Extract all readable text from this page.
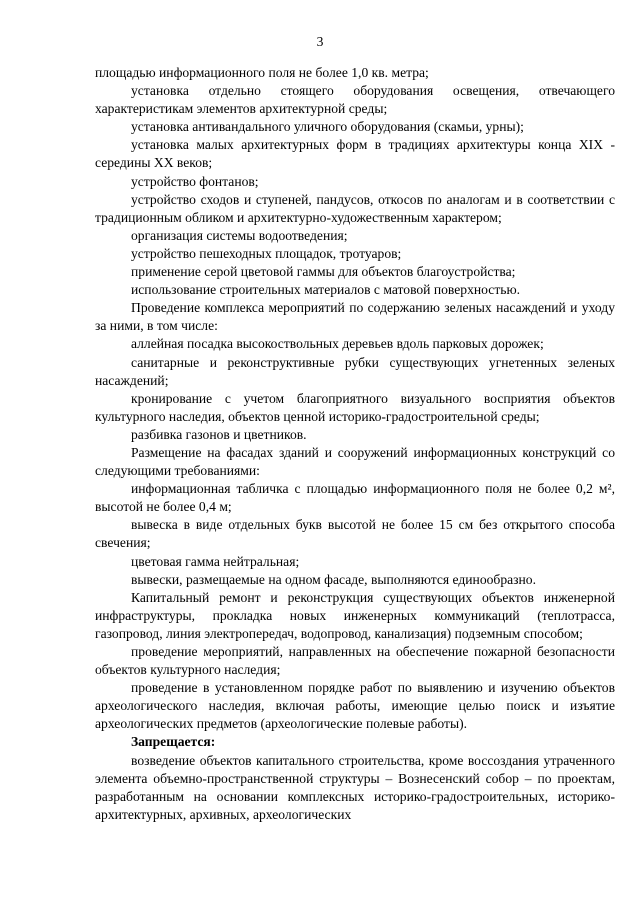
3

площадью информационного поля не более 1,0 кв. метра;

установка отдельно стоящего оборудования освещения, отвечающего характеристикам элементов архитектурной среды;

установка антивандального уличного оборудования (скамьи, урны);

установка малых архитектурных форм в традициях архитектуры конца XIX - середины XX веков;

устройство фонтанов;

устройство сходов и ступеней, пандусов, откосов по аналогам и в соответствии с традиционным обликом и архитектурно-художественным характером;

организация системы водоотведения;

устройство пешеходных площадок, тротуаров;

применение серой цветовой гаммы для объектов благоустройства;

использование строительных материалов с матовой поверхностью.

Проведение комплекса мероприятий по содержанию зеленых насаждений и уходу за ними, в том числе:

аллейная посадка высокоствольных деревьев вдоль парковых дорожек;

санитарные и реконструктивные рубки существующих угнетенных зеленых насаждений;

кронирование с учетом благоприятного визуального восприятия объектов культурного наследия, объектов ценной историко-градостроительной среды;

разбивка газонов и цветников.

Размещение на фасадах зданий и сооружений информационных конструкций со следующими требованиями:

информационная табличка с площадью информационного поля не более 0,2 м², высотой не более 0,4 м;

вывеска в виде отдельных букв высотой не более 15 см без открытого способа свечения;

цветовая гамма нейтральная;

вывески, размещаемые на одном фасаде, выполняются единообразно.

Капитальный ремонт и реконструкция существующих объектов инженерной инфраструктуры, прокладка новых инженерных коммуникаций (теплотрасса, газопровод, линия электропередач, водопровод, канализация) подземным способом;

проведение мероприятий, направленных на обеспечение пожарной безопасности объектов культурного наследия;

проведение в установленном порядке работ по выявлению и изучению объектов археологического наследия, включая работы, имеющие целью поиск и изъятие археологических предметов (археологические полевые работы).

Запрещается:

возведение объектов капитального строительства, кроме воссоздания утраченного элемента объемно-пространственной структуры – Вознесенский собор – по проектам, разработанным на основании комплексных историко-градостроительных, историко-архитектурных, архивных, археологических
